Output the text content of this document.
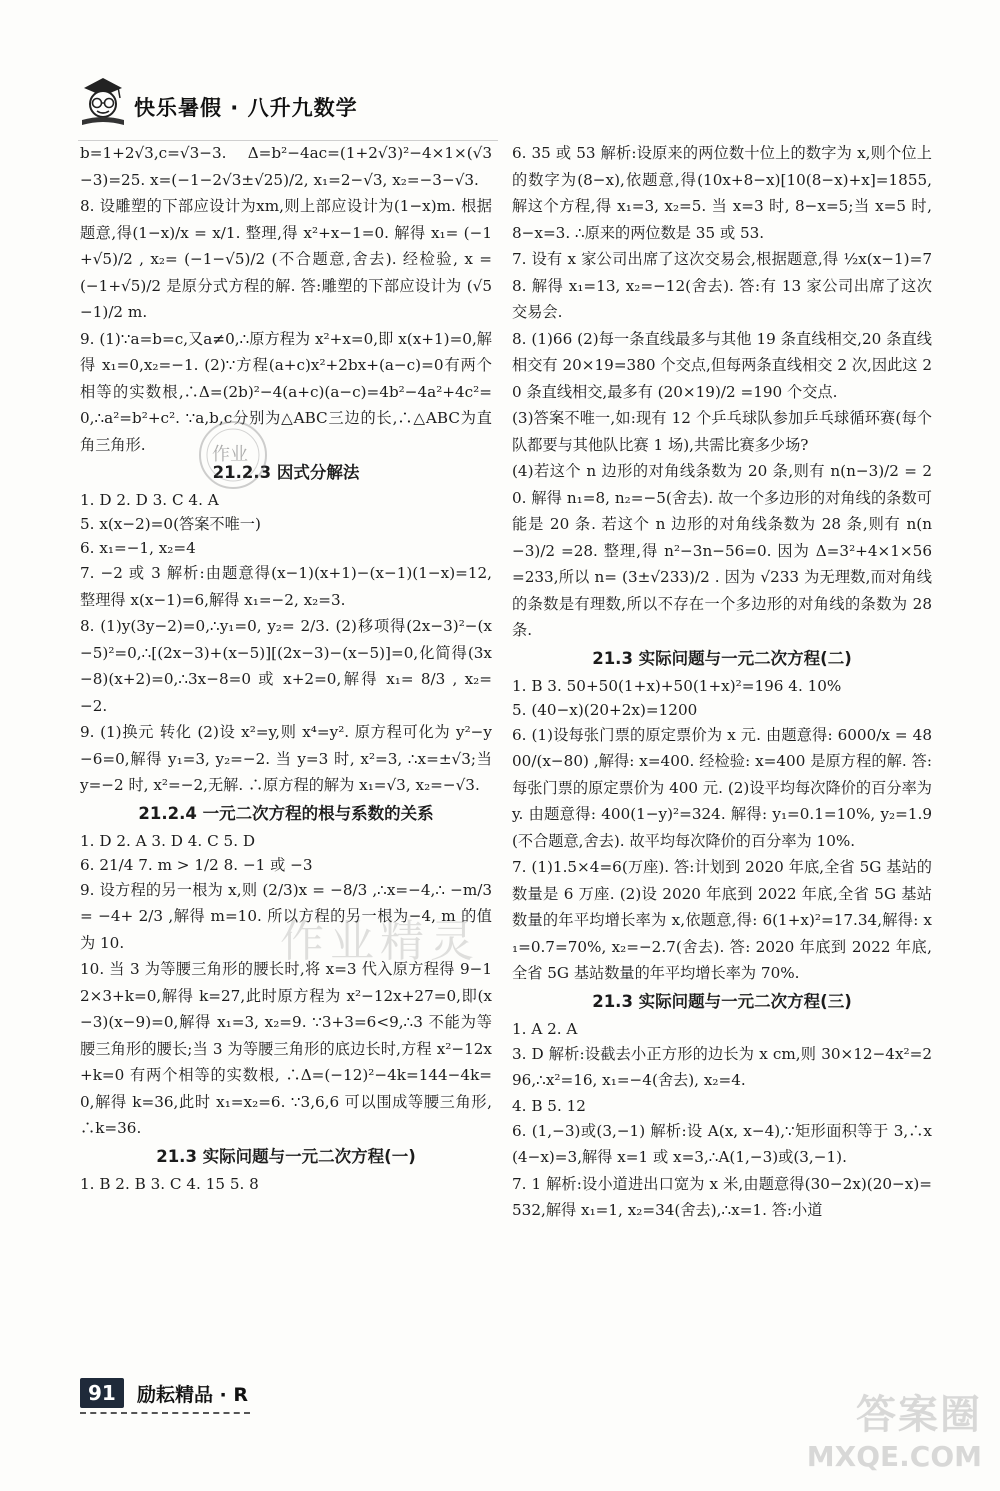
快乐暑假 · 八升九数学
b=1+2√3,c=√3−3. Δ=b²−4ac=(1+2√3)²−4×1×(√3−3)=25. x=(−1−2√3±√25)/2, x₁=2−√3, x₂=−3−√3.
8. 设雕塑的下部应设计为xm,则上部应设计为(1−x)m. 根据题意,得(1−x)/x = x/1. 整理,得 x²+x−1=0. 解得 x₁= (−1+√5)/2 , x₂= (−1−√5)/2 (不合题意,舍去). 经检验, x = (−1+√5)/2 是原分式方程的解. 答:雕塑的下部应设计为 (√5−1)/2 m.
9. (1)∵a=b=c,又a≠0,∴原方程为 x²+x=0,即 x(x+1)=0,解得 x₁=0,x₂=−1. (2)∵方程(a+c)x²+2bx+(a−c)=0有两个相等的实数根,∴Δ=(2b)²−4(a+c)(a−c)=4b²−4a²+4c²=0,∴a²=b²+c². ∵a,b,c分别为△ABC三边的长,∴△ABC为直角三角形.
21.2.3 因式分解法
1. D 2. D 3. C 4. A
5. x(x−2)=0(答案不唯一)
6. x₁=−1, x₂=4
7. −2 或 3 解析:由题意得(x−1)(x+1)−(x−1)(1−x)=12,整理得 x(x−1)=6,解得 x₁=−2, x₂=3.
8. (1)y(3y−2)=0,∴y₁=0, y₂= 2/3. (2)移项得(2x−3)²−(x−5)²=0,∴[(2x−3)+(x−5)][(2x−3)−(x−5)]=0,化简得(3x−8)(x+2)=0,∴3x−8=0 或 x+2=0,解得 x₁= 8/3 , x₂=−2.
9. (1)换元 转化 (2)设 x²=y,则 x⁴=y². 原方程可化为 y²−y−6=0,解得 y₁=3, y₂=−2. 当 y=3 时, x²=3, ∴x=±√3;当 y=−2 时, x²=−2,无解. ∴原方程的解为 x₁=√3, x₂=−√3.
21.2.4 一元二次方程的根与系数的关系
1. D 2. A 3. D 4. C 5. D
6. 21/4 7. m > 1/2 8. −1 或 −3
9. 设方程的另一根为 x,则 (2/3)x = −8/3 ,∴x=−4,∴ −m/3 = −4+ 2/3 ,解得 m=10. 所以方程的另一根为−4, m 的值为 10.
10. 当 3 为等腰三角形的腰长时,将 x=3 代入原方程得 9−12×3+k=0,解得 k=27,此时原方程为 x²−12x+27=0,即(x−3)(x−9)=0,解得 x₁=3, x₂=9. ∵3+3=6<9,∴3 不能为等腰三角形的腰长;当 3 为等腰三角形的底边长时,方程 x²−12x+k=0 有两个相等的实数根, ∴Δ=(−12)²−4k=144−4k=0,解得 k=36,此时 x₁=x₂=6. ∵3,6,6 可以围成等腰三角形,∴k=36.
21.3 实际问题与一元二次方程(一)
1. B 2. B 3. C 4. 15 5. 8
6. 35 或 53 解析:设原来的两位数十位上的数字为 x,则个位上的数字为(8−x),依题意,得(10x+8−x)[10(8−x)+x]=1855,解这个方程,得 x₁=3, x₂=5. 当 x=3 时, 8−x=5;当 x=5 时, 8−x=3. ∴原来的两位数是 35 或 53.
7. 设有 x 家公司出席了这次交易会,根据题意,得 ½x(x−1)=78. 解得 x₁=13, x₂=−12(舍去). 答:有 13 家公司出席了这次交易会.
8. (1)66 (2)每一条直线最多与其他 19 条直线相交,20 条直线相交有 20×19=380 个交点,但每两条直线相交 2 次,因此这 20 条直线相交,最多有 (20×19)/2 =190 个交点.
(3)答案不唯一,如:现有 12 个乒乓球队参加乒乓球循环赛(每个队都要与其他队比赛 1 场),共需比赛多少场?
(4)若这个 n 边形的对角线条数为 20 条,则有 n(n−3)/2 = 20. 解得 n₁=8, n₂=−5(舍去). 故一个多边形的对角线的条数可能是 20 条. 若这个 n 边形的对角线条数为 28 条,则有 n(n−3)/2 =28. 整理,得 n²−3n−56=0. 因为 Δ=3²+4×1×56=233,所以 n= (3±√233)/2 . 因为 √233 为无理数,而对角线的条数是有理数,所以不存在一个多边形的对角线的条数为 28 条.
21.3 实际问题与一元二次方程(二)
1. B 3. 50+50(1+x)+50(1+x)²=196 4. 10%
5. (40−x)(20+2x)=1200
6. (1)设每张门票的原定票价为 x 元. 由题意得: 6000/x = 4800/(x−80) ,解得: x=400. 经检验: x=400 是原方程的解. 答:每张门票的原定票价为 400 元. (2)设平均每次降价的百分率为 y. 由题意得: 400(1−y)²=324. 解得: y₁=0.1=10%, y₂=1.9(不合题意,舍去). 故平均每次降价的百分率为 10%.
7. (1)1.5×4=6(万座). 答:计划到 2020 年底,全省 5G 基站的数量是 6 万座. (2)设 2020 年底到 2022 年底,全省 5G 基站数量的年平均增长率为 x,依题意,得: 6(1+x)²=17.34,解得: x₁=0.7=70%, x₂=−2.7(舍去). 答: 2020 年底到 2022 年底,全省 5G 基站数量的年平均增长率为 70%.
21.3 实际问题与一元二次方程(三)
1. A 2. A
3. D 解析:设截去小正方形的边长为 x cm,则 30×12−4x²=296,∴x²=16, x₁=−4(舍去), x₂=4.
4. B 5. 12
6. (1,−3)或(3,−1) 解析:设 A(x, x−4),∵矩形面积等于 3,∴x(4−x)=3,解得 x=1 或 x=3,∴A(1,−3)或(3,−1).
7. 1 解析:设小道进出口宽为 x 米,由题意得(30−2x)(20−x)=532,解得 x₁=1, x₂=34(舍去),∴x=1. 答:小道
作业
作业精灵
91 励耘精品 · R	答案圈
MXQE.COM
